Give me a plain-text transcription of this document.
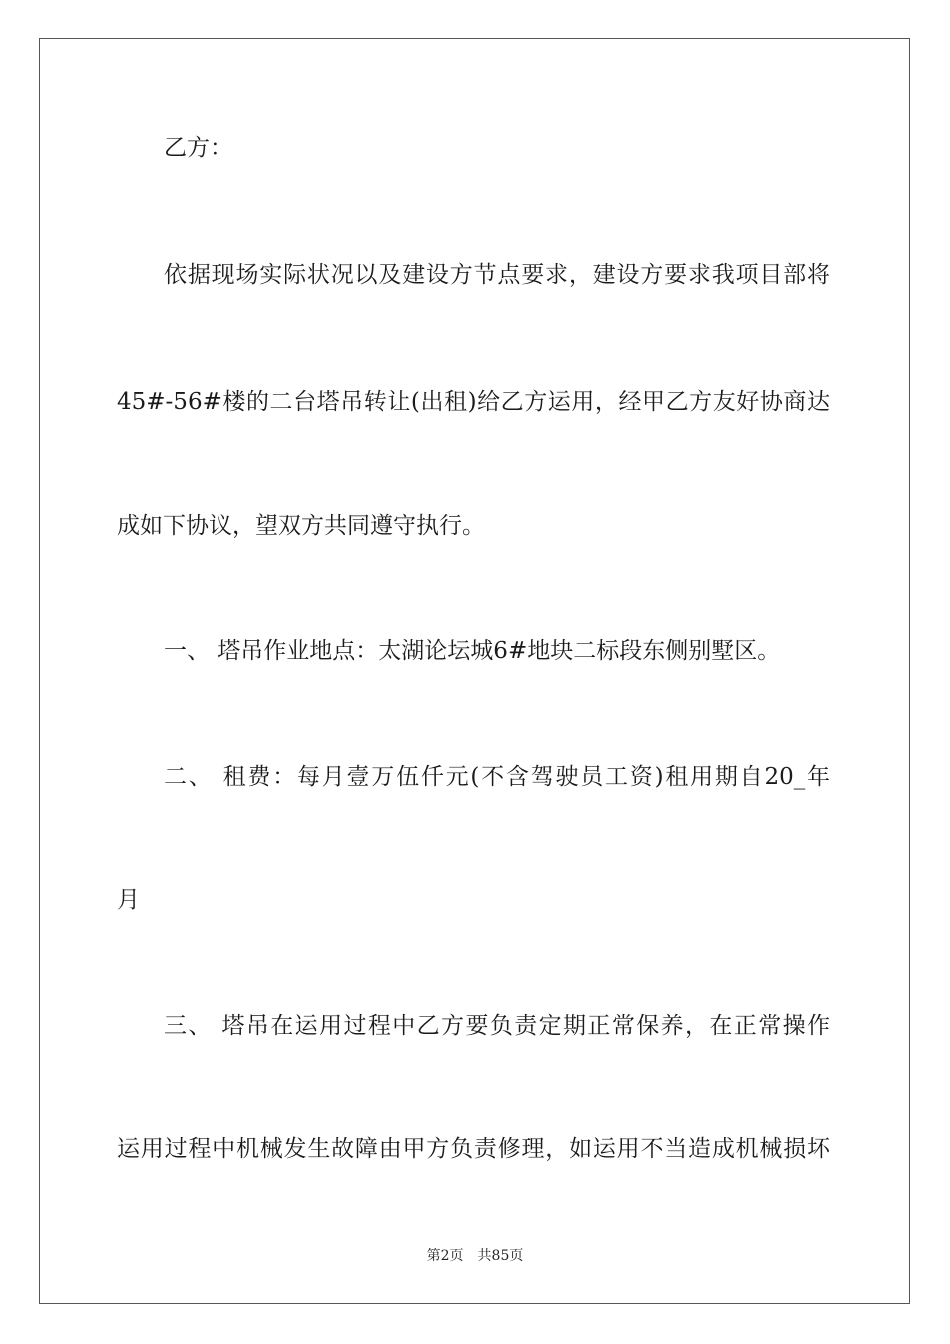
乙方：

依据现场实际状况以及建设方节点要求，建设方要求我项目部将

45#-56#楼的二台塔吊转让(出租)给乙方运用，经甲乙方友好协商达

成如下协议，望双方共同遵守执行。

一、 塔吊作业地点：太湖论坛城6#地块二标段东侧别墅区。

二、 租费：每月壹万伍仟元(不含驾驶员工资)租用期自20_年

月

三、 塔吊在运用过程中乙方要负责定期正常保养，在正常操作

运用过程中机械发生故障由甲方负责修理，如运用不当造成机械损坏

第2页 共85页
